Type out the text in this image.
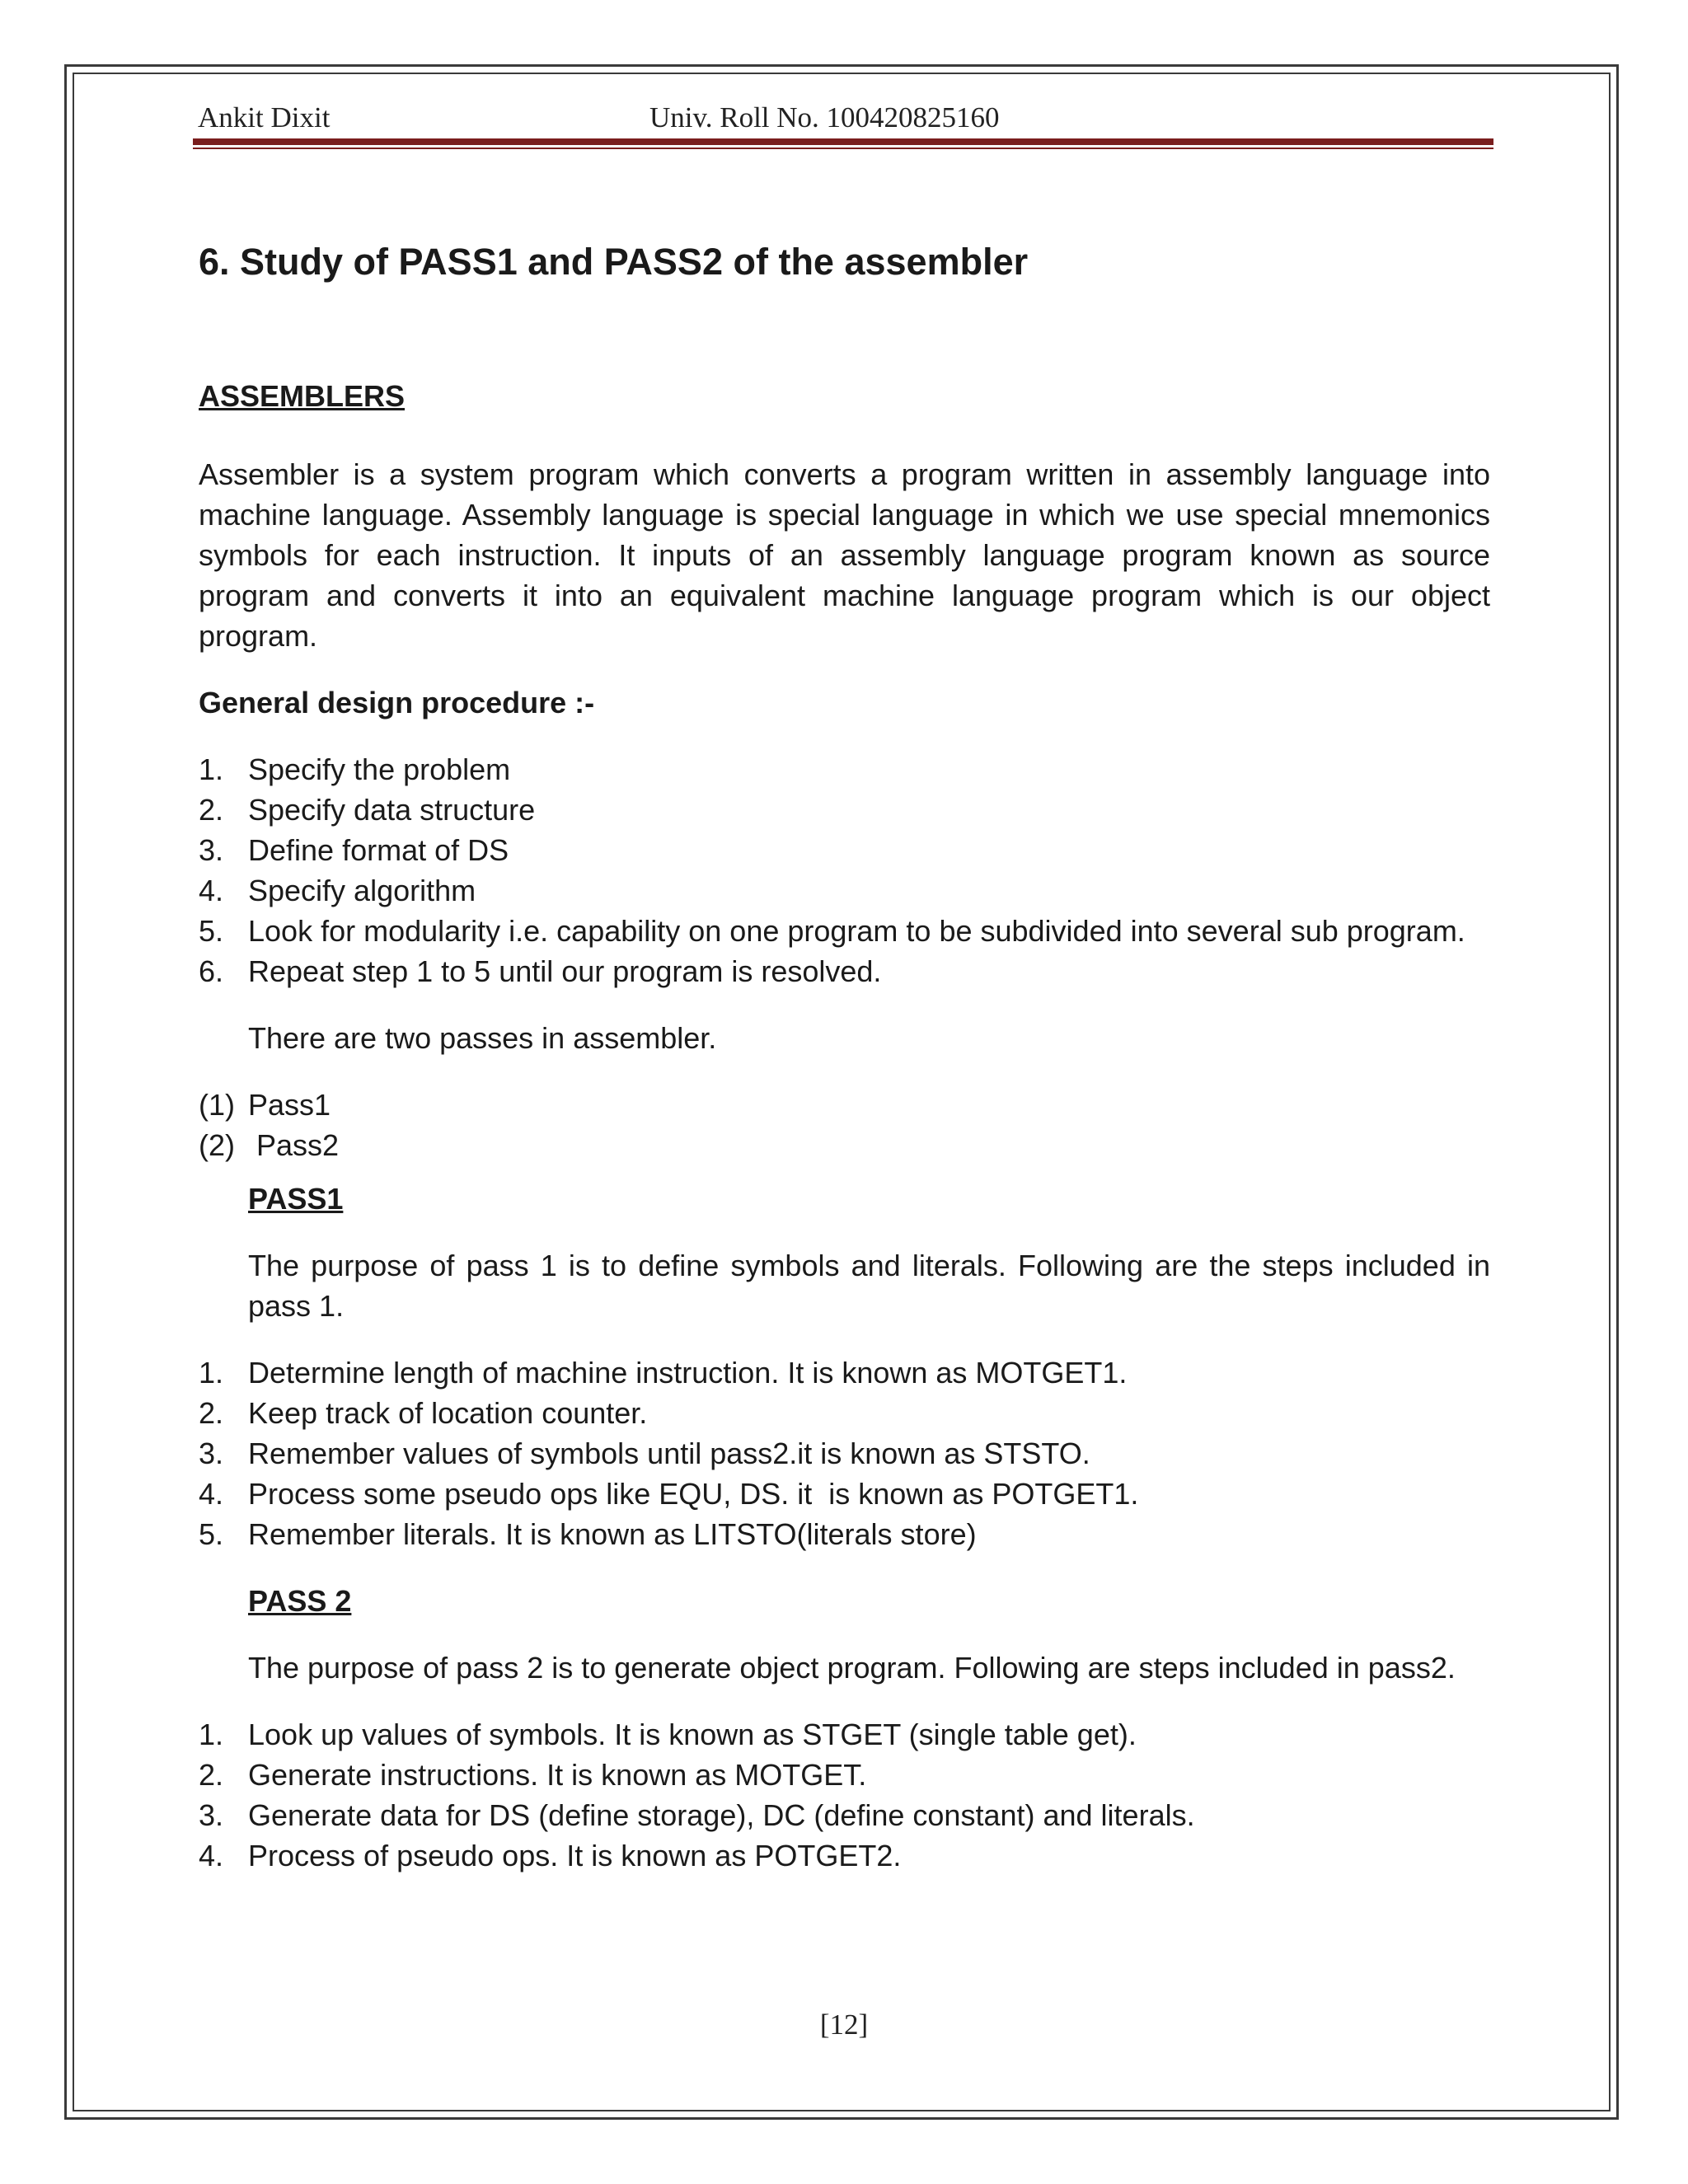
Ankit Dixit	Univ. Roll No. 100420825160
6. Study of PASS1 and PASS2 of the assembler

ASSEMBLERS

Assembler is a system program which converts a program written in assembly language into machine language. Assembly language is special language in which we use special mnemonics symbols for each instruction. It inputs of an assembly language program known as source program and converts it into an equivalent machine language program which is our object program.

General design procedure :-

1. Specify the problem
2. Specify data structure
3. Define format of DS
4. Specify algorithm
5. Look for modularity i.e. capability on one program to be subdivided into several sub program.
6. Repeat step 1 to 5 until our program is resolved.

There are two passes in assembler.

(1) Pass1
(2) Pass2

PASS1

The purpose of pass 1 is to define symbols and literals. Following are the steps included in pass 1.

1. Determine length of machine instruction. It is known as MOTGET1.
2. Keep track of location counter.
3. Remember values of symbols until pass2.it is known as STSTO.
4. Process some pseudo ops like EQU, DS. it  is known as POTGET1.
5. Remember literals. It is known as LITSTO(literals store)

PASS 2

The purpose of pass 2 is to generate object program. Following are steps included in pass2.

1. Look up values of symbols. It is known as STGET (single table get).
2. Generate instructions. It is known as MOTGET.
3. Generate data for DS (define storage), DC (define constant) and literals.
4. Process of pseudo ops. It is known as POTGET2.
[12]
